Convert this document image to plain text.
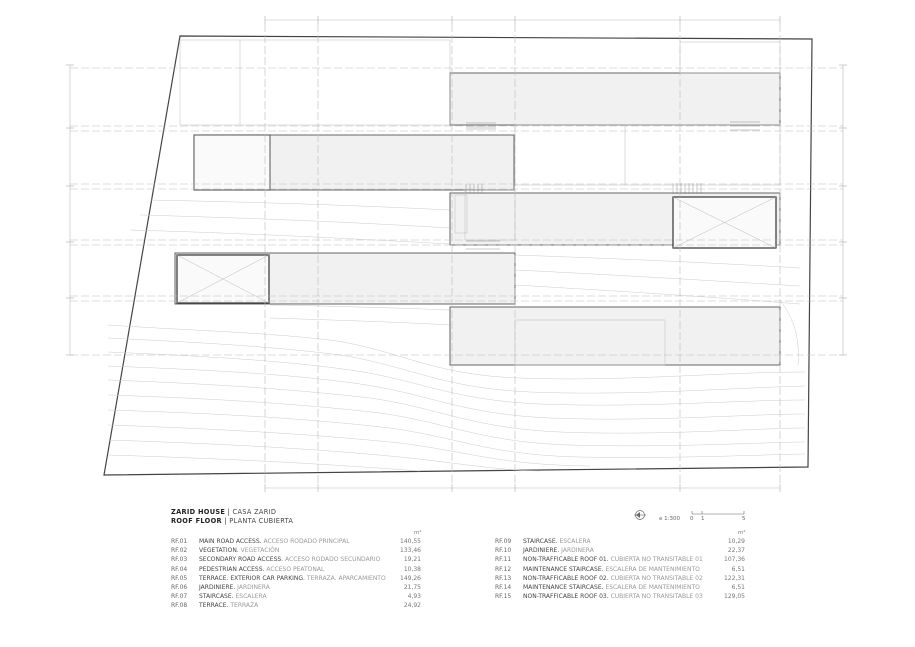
ZARID HOUSE | CASA ZARID
ROOF FLOOR | PLANTA CUBIERTA
m²	m²
RF.01 MAIN ROAD ACCESS. ACCESO RODADO PRINCIPAL	140,55
RF.02 VEGETATION. VEGETACIÓN	133,46
RF.03 SECONDARY ROAD ACCESS. ACCESO RODADO SECUNDARIO	19,21
RF.04 PEDESTRIAN ACCESS. ACCESO PEATONAL	10,38
RF.05 TERRACE. EXTERIOR CAR PARKING. TERRAZA. APARCAMIENTO 149,26
RF.06 JARDINIERE. JARDINERA	21,75
RF.07 STAIRCASE. ESCALERA	4,93
RF.08 TERRACE. TERRAZA	24,92
RF.09 STAIRCASE. ESCALERA	10,29
RF.10 JARDINIERE. JARDINERA	22,37
RF.11 NON-TRAFFICABLE ROOF 01. CUBIERTA NO TRANSITABLE 01	107,36
RF.12 MAINTENANCE STAIRCASE. ESCALERA DE MANTENIMIENTO	6,51
RF.13 NON-TRAFFICABLE ROOF 02. CUBIERTA NO TRANSITABLE 02	122,31
RF.14 MAINTENANCE STAIRCASE. ESCALERA DE MANTENIMIENTO	6,51
RF.15 NON-TRAFFICABLE ROOF 03. CUBIERTA NO TRANSITABLE 03	129,05
e 1:300 0 1	5
